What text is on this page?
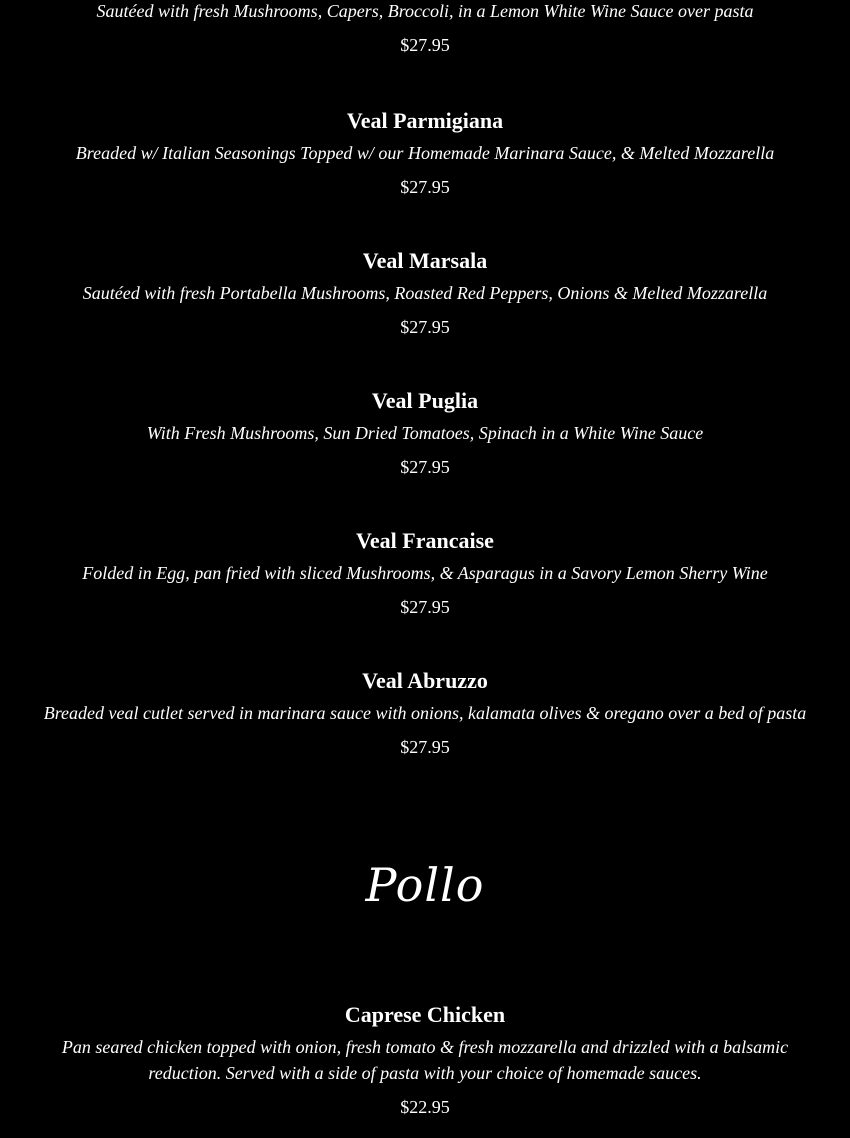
Sautéed with fresh Mushrooms, Capers, Broccoli, in a Lemon White Wine Sauce over pasta
$27.95
Veal Parmigiana
Breaded w/ Italian Seasonings Topped w/ our Homemade Marinara Sauce, & Melted Mozzarella
$27.95
Veal Marsala
Sautéed with fresh Portabella Mushrooms, Roasted Red Peppers, Onions & Melted Mozzarella
$27.95
Veal Puglia
With Fresh Mushrooms, Sun Dried Tomatoes, Spinach in a White Wine Sauce
$27.95
Veal Francaise
Folded in Egg, pan fried with sliced Mushrooms, & Asparagus in a Savory Lemon Sherry Wine
$27.95
Veal Abruzzo
Breaded veal cutlet served in marinara sauce with onions, kalamata olives & oregano over a bed of pasta
$27.95
Pollo
Caprese Chicken
Pan seared chicken topped with onion, fresh tomato & fresh mozzarella and drizzled with a balsamic reduction. Served with a side of pasta with your choice of homemade sauces.
$22.95
